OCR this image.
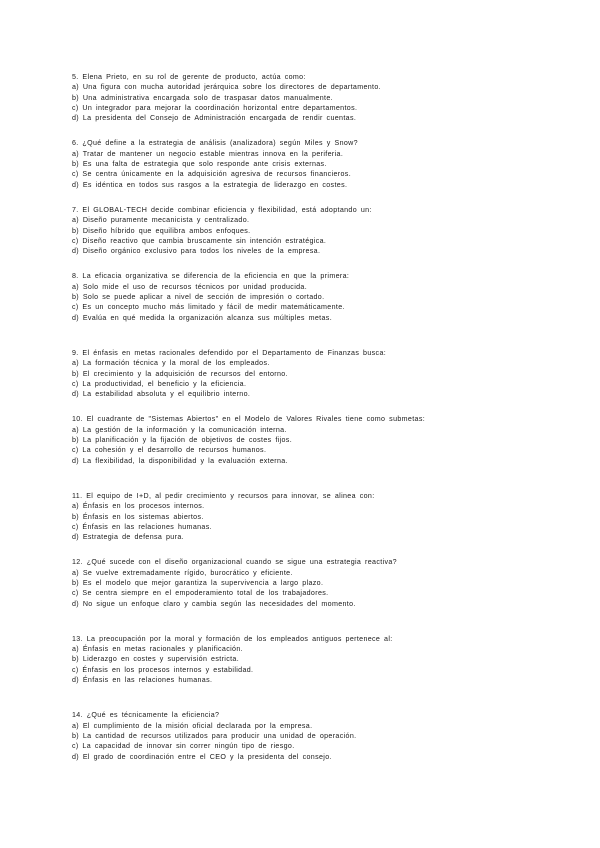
5. Elena Prieto, en su rol de gerente de producto, actúa como:

a) Una figura con mucha autoridad jerárquica sobre los directores de departamento.

b) Una administrativa encargada solo de traspasar datos manualmente.

c) Un integrador para mejorar la coordinación horizontal entre departamentos.

d) La presidenta del Consejo de Administración encargada de rendir cuentas.

6. ¿Qué define a la estrategia de análisis (analizadora) según Miles y Snow?

a) Tratar de mantener un negocio estable mientras innova en la periferia.

b) Es una falta de estrategia que solo responde ante crisis externas.

c) Se centra únicamente en la adquisición agresiva de recursos financieros.

d) Es idéntica en todos sus rasgos a la estrategia de liderazgo en costes.

7. El GLOBAL-TECH decide combinar eficiencia y flexibilidad, está adoptando un:

a) Diseño puramente mecanicista y centralizado.

b) Diseño híbrido que equilibra ambos enfoques.

c) Diseño reactivo que cambia bruscamente sin intención estratégica.

d) Diseño orgánico exclusivo para todos los niveles de la empresa.

8. La eficacia organizativa se diferencia de la eficiencia en que la primera:

a) Solo mide el uso de recursos técnicos por unidad producida.

b) Solo se puede aplicar a nivel de sección de impresión o cortado.

c) Es un concepto mucho más limitado y fácil de medir matemáticamente.

d) Evalúa en qué medida la organización alcanza sus múltiples metas.

9. El énfasis en metas racionales defendido por el Departamento de Finanzas busca:

a) La formación técnica y la moral de los empleados.

b) El crecimiento y la adquisición de recursos del entorno.

c) La productividad, el beneficio y la eficiencia.

d) La estabilidad absoluta y el equilibrio interno.

10. El cuadrante de "Sistemas Abiertos" en el Modelo de Valores Rivales tiene como submetas:

a) La gestión de la información y la comunicación interna.

b) La planificación y la fijación de objetivos de costes fijos.

c) La cohesión y el desarrollo de recursos humanos.

d) La flexibilidad, la disponibilidad y la evaluación externa.

11. El equipo de I+D, al pedir crecimiento y recursos para innovar, se alinea con:

a) Énfasis en los procesos internos.

b) Énfasis en los sistemas abiertos.

c) Énfasis en las relaciones humanas.

d) Estrategia de defensa pura.

12. ¿Qué sucede con el diseño organizacional cuando se sigue una estrategia reactiva?

a) Se vuelve extremadamente rígido, burocrático y eficiente.

b) Es el modelo que mejor garantiza la supervivencia a largo plazo.

c) Se centra siempre en el empoderamiento total de los trabajadores.

d) No sigue un enfoque claro y cambia según las necesidades del momento.

13. La preocupación por la moral y formación de los empleados antiguos pertenece al:

a) Énfasis en metas racionales y planificación.

b) Liderazgo en costes y supervisión estricta.

c) Énfasis en los procesos internos y estabilidad.

d) Énfasis en las relaciones humanas.

14. ¿Qué es técnicamente la eficiencia?

a) El cumplimiento de la misión oficial declarada por la empresa.

b) La cantidad de recursos utilizados para producir una unidad de operación.

c) La capacidad de innovar sin correr ningún tipo de riesgo.

d) El grado de coordinación entre el CEO y la presidenta del consejo.
